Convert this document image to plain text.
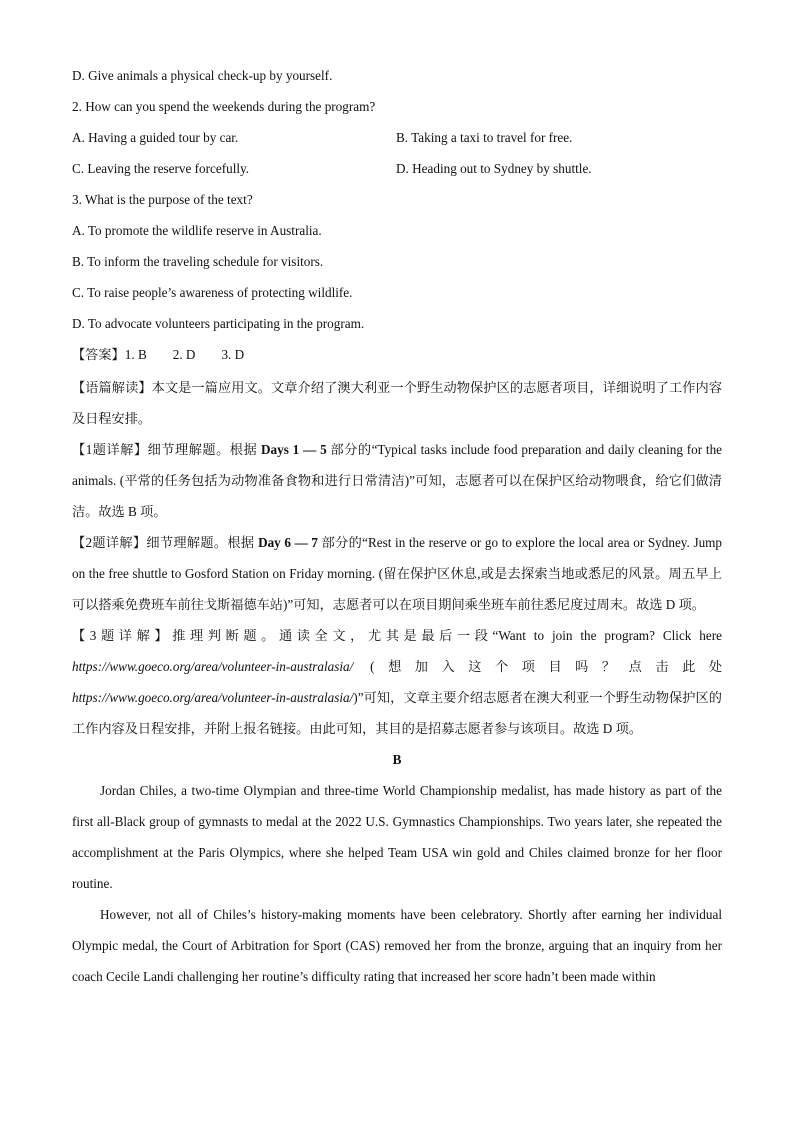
D. Give animals a physical check-up by yourself.
2. How can you spend the weekends during the program?
A. Having a guided tour by car.	B. Taking a taxi to travel for free.
C. Leaving the reserve forcefully.	D. Heading out to Sydney by shuttle.
3. What is the purpose of the text?
A. To promote the wildlife reserve in Australia.
B. To inform the traveling schedule for visitors.
C. To raise people’s awareness of protecting wildlife.
D. To advocate volunteers participating in the program.
【答案】1. B 2. D 3. D
【语篇解读】本文是一篇应用文。文章介绍了澳大利亚一个野生动物保护区的志愿者项目，详细说明了工作内容及日程安排。
【1题详解】细节理解题。根据 Days 1 — 5 部分的“Typical tasks include food preparation and daily cleaning for the animals. (平常的任务包括为动物准备食物和进行日常清洁)”可知，志愿者可以在保护区给动物喂食，给它们做清洁。故选 B 项。
【2题详解】细节理解题。根据 Day 6 — 7 部分的“Rest in the reserve or go to explore the local area or Sydney. Jump on the free shuttle to Gosford Station on Friday morning. (留在保护区休息,或是去探索当地或悉尼的风景。周五早上可以搭乘免费班车前往戈斯福德车站)”可知，志愿者可以在项目期间乘坐班车前往悉尼度过周末。故选 D 项。
【3题详解】推理判断题。通读全文，尤其是最后一段“Want to join the program? Click here
https://www.goeco.org/area/volunteer-in-australasia/ (想加入这个项目吗？点击此处
https://www.goeco.org/area/volunteer-in-australasia/)”可知，文章主要介绍志愿者在澳大利亚一个野生动物保护区的工作内容及日程安排，并附上报名链接。由此可知，其目的是招募志愿者参与该项目。故选 D 项。
B
Jordan Chiles, a two-time Olympian and three-time World Championship medalist, has made history as part of the first all-Black group of gymnasts to medal at the 2022 U.S. Gymnastics Championships. Two years later, she repeated the accomplishment at the Paris Olympics, where she helped Team USA win gold and Chiles claimed bronze for her floor routine.
However, not all of Chiles’s history-making moments have been celebratory. Shortly after earning her individual Olympic medal, the Court of Arbitration for Sport (CAS) removed her from the bronze, arguing that an inquiry from her coach Cecile Landi challenging her routine’s difficulty rating that increased her score hadn’t been made within
